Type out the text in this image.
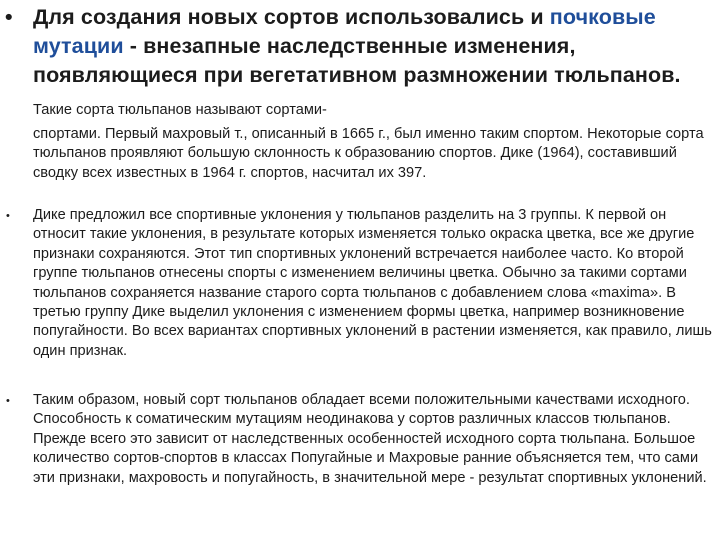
• Для создания новых сортов использовались и почковые мутации - внезапные наследственные изменения, появляющиеся при вегетативном размножении тюльпанов. Такие сорта тюльпанов называют сортами-
спортами. Первый махровый т., описанный в 1665 г., был именно таким спортом. Некоторые сорта тюльпанов проявляют большую склонность к образованию спортов. Дике (1964), составивший сводку всех известных в 1964 г. спортов, насчитал их 397.
• Дике предложил все спортивные уклонения у тюльпанов разделить на 3 группы. К первой он относит такие уклонения, в результате которых изменяется только окраска цветка, все же другие признаки сохраняются. Этот тип спортивных уклонений встречается наиболее часто. Ко второй группе тюльпанов отнесены спорты с изменением величины цветка. Обычно за такими сортами тюльпанов сохраняется название старого сорта тюльпанов с добавлением слова «maxima». В третью группу Дике выделил уклонения с изменением формы цветка, например возникновение попугайности. Во всех вариантах спортивных уклонений в растении изменяется, как правило, лишь один признак.
• Таким образом, новый сорт тюльпанов обладает всеми положительными качествами исходного. Способность к соматическим мутациям неодинакова у сортов различных классов тюльпанов. Прежде всего это зависит от наследственных особенностей исходного сорта тюльпана. Большое количество сортов-спортов в классах Попугайные и Махровые ранние объясняется тем, что сами эти признаки, махровость и попугайность, в значительной мере - результат спортивных уклонений.
